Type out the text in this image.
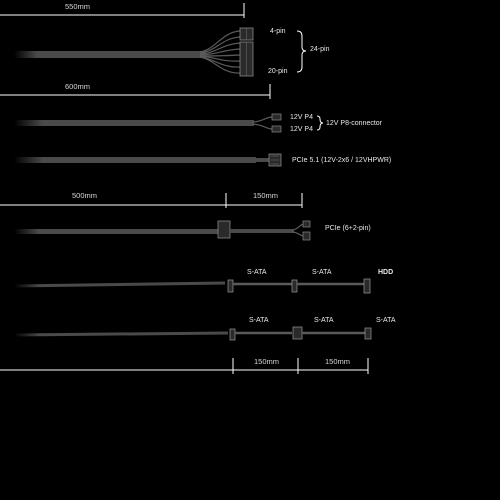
550mm
600mm
500mm	150mm
150mm	150mm
4-pin
20-pin
24-pin
12V P4
12V P4
12V P8-connector
PCIe 5.1 (12V-2x6 / 12VHPWR)
PCIe (6+2-pin)
S-ATA	S-ATA	HDD
S-ATA	S-ATA	S-ATA
